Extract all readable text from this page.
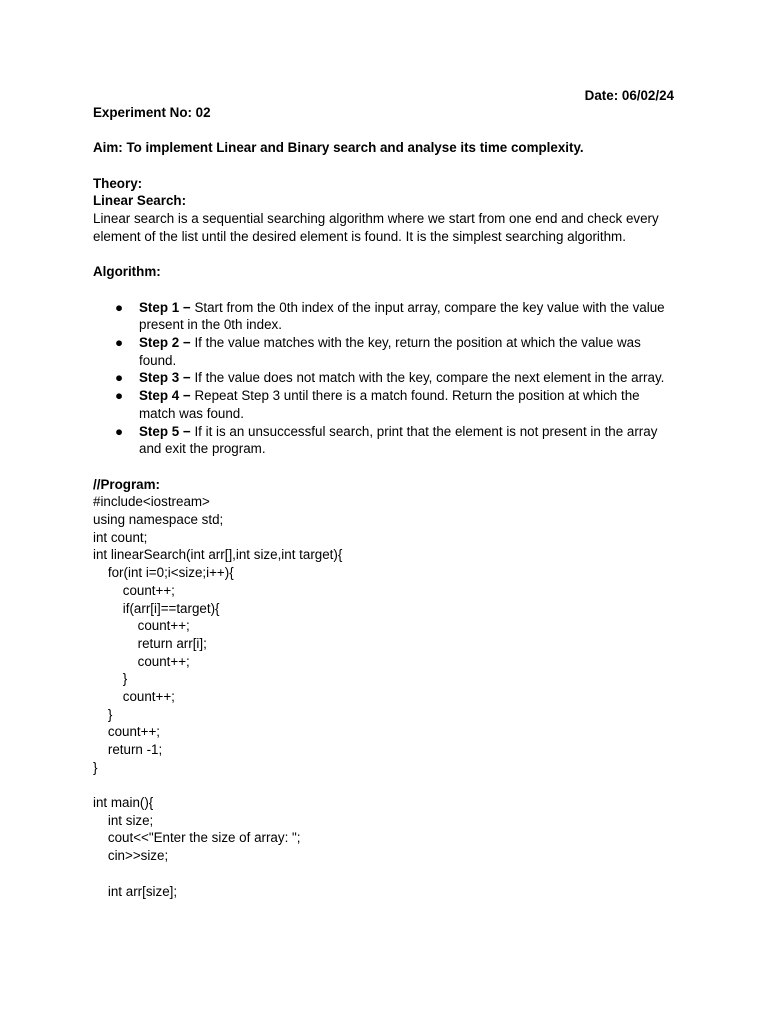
Date: 06/02/24

Experiment No: 02

Aim: To implement Linear and Binary search and analyse its time complexity.

Theory:

Linear Search:

Linear search is a sequential searching algorithm where we start from one end and check every element of the list until the desired element is found. It is the simplest searching algorithm.

Algorithm:

● Step 1 − Start from the 0th index of the input array, compare the key value with the value present in the 0th index.
● Step 2 − If the value matches with the key, return the position at which the value was found.
● Step 3 − If the value does not match with the key, compare the next element in the array.
● Step 4 − Repeat Step 3 until there is a match found. Return the position at which the match was found.
● Step 5 − If it is an unsuccessful search, print that the element is not present in the array and exit the program.

//Program:

#include<iostream>
using namespace std;
int count;
int linearSearch(int arr[],int size,int target){
for(int i=0;i<size;i++){
count++;
if(arr[i]==target){
count++;
return arr[i];
count++;
}
count++;
}
count++;
return -1;
}
int main(){
int size;
cout<<"Enter the size of array: ";
cin>>size;
int arr[size];
